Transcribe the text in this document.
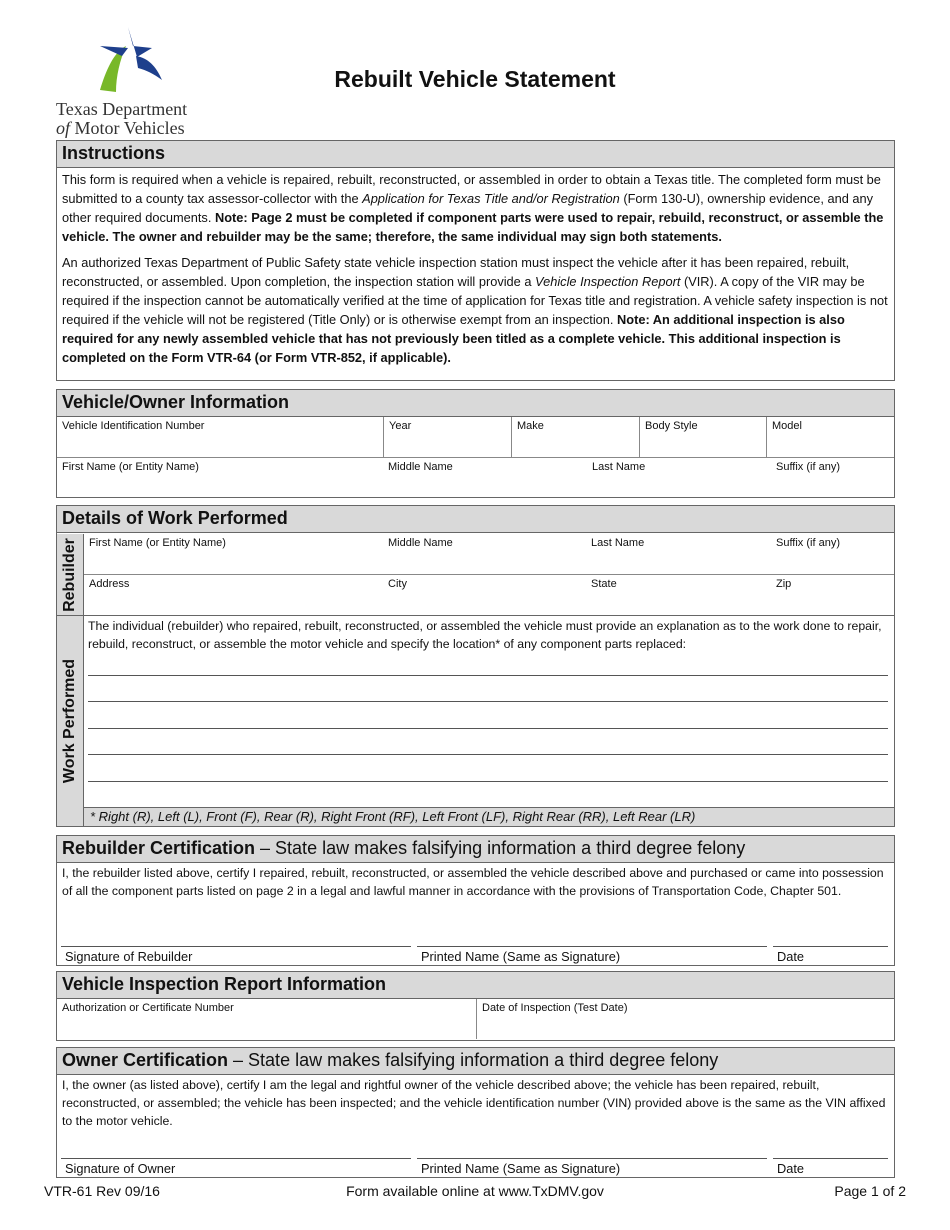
Texas Department
of Motor Vehicles
Rebuilt Vehicle Statement
Instructions

This form is required when a vehicle is repaired, rebuilt, reconstructed, or assembled in order to obtain a Texas title. The completed form must be submitted to a county tax assessor-collector with the Application for Texas Title and/or Registration (Form 130-U), ownership evidence, and any other required documents. Note: Page 2 must be completed if component parts were used to repair, rebuild, reconstruct, or assemble the vehicle. The owner and rebuilder may be the same; therefore, the same individual may sign both statements.

An authorized Texas Department of Public Safety state vehicle inspection station must inspect the vehicle after it has been repaired, rebuilt, reconstructed, or assembled. Upon completion, the inspection station will provide a Vehicle Inspection Report (VIR). A copy of the VIR may be required if the inspection cannot be automatically verified at the time of application for Texas title and registration. A vehicle safety inspection is not required if the vehicle will not be registered (Title Only) or is otherwise exempt from an inspection. Note: An additional inspection is also required for any newly assembled vehicle that has not previously been titled as a complete vehicle. This additional inspection is completed on the Form VTR-64 (or Form VTR-852, if applicable).

Vehicle/Owner Information
Vehicle Identification Number	Year	Make	Body Style	Model
First Name (or Entity Name)	Middle Name	Last Name	Suffix (if any)
Details of Work Performed
Rebuilder
Work Performed
First Name (or Entity Name)	Middle Name	Last Name	Suffix (if any)
Address	City	State	Zip
The individual (rebuilder) who repaired, rebuilt, reconstructed, or assembled the vehicle must provide an explanation as to the work done to repair, rebuild, reconstruct, or assemble the motor vehicle and specify the location* of any component parts replaced:
* Right (R), Left (L), Front (F), Rear (R), Right Front (RF), Left Front (LF), Right Rear (RR), Left Rear (LR)
Rebuilder Certification – State law makes falsifying information a third degree felony
I, the rebuilder listed above, certify I repaired, rebuilt, reconstructed, or assembled the vehicle described above and purchased or came into possession of all the component parts listed on page 2 in a legal and lawful manner in accordance with the provisions of Transportation Code, Chapter 501.
Signature of Rebuilder	Printed Name (Same as Signature)	Date
Vehicle Inspection Report Information
Authorization or Certificate Number	Date of Inspection (Test Date)
Owner Certification – State law makes falsifying information a third degree felony
I, the owner (as listed above), certify I am the legal and rightful owner of the vehicle described above; the vehicle has been repaired, rebuilt, reconstructed, or assembled; the vehicle has been inspected; and the vehicle identification number (VIN) provided above is the same as the VIN affixed to the motor vehicle.
Signature of Owner	Printed Name (Same as Signature)	Date
VTR-61 Rev 09/16	Form available online at www.TxDMV.gov	Page 1 of 2
